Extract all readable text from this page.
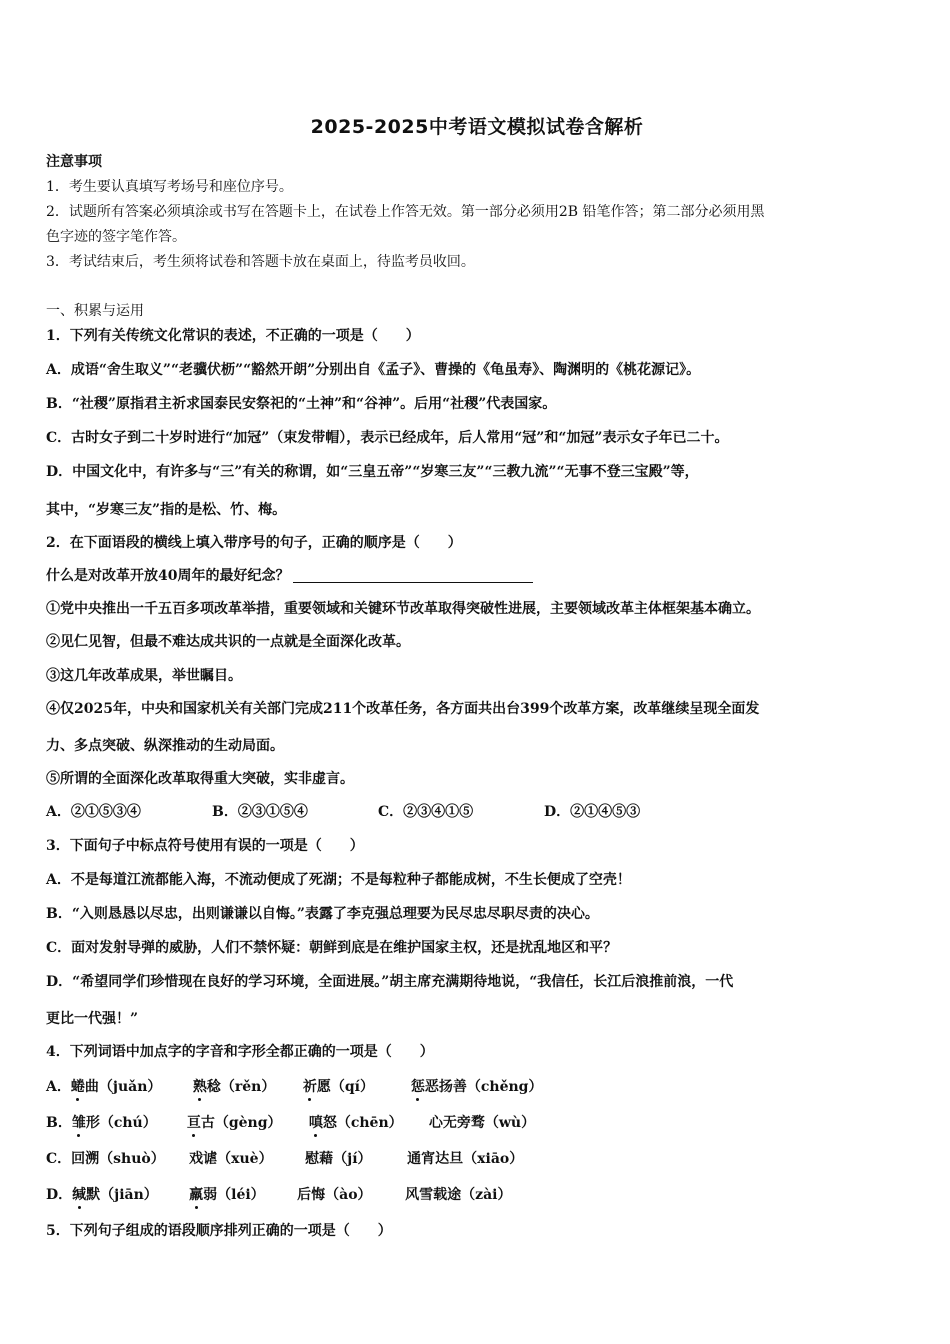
2025-2025中考语文模拟试卷含解析
注意事项
1．考生要认真填写考场号和座位序号。
2．试题所有答案必须填涂或书写在答题卡上，在试卷上作答无效。第一部分必须用2B 铅笔作答；第二部分必须用黑
色字迹的签字笔作答。
3．考试结束后，考生须将试卷和答题卡放在桌面上，待监考员收回。
一、积累与运用
1．下列有关传统文化常识的表述，不正确的一项是（　　）
A．成语“舍生取义”“老骥伏枥”“豁然开朗”分别出自《孟子》、曹操的《龟虽寿》、陶渊明的《桃花源记》。
B．“社稷”原指君主祈求国泰民安祭祀的“土神”和“谷神”。后用“社稷”代表国家。
C．古时女子到二十岁时进行“加冠”（束发带帽），表示已经成年，后人常用“冠”和“加冠”表示女子年已二十。
D．中国文化中，有许多与“三”有关的称谓，如“三皇五帝”“岁寒三友”“三教九流”“无事不登三宝殿”等，
其中，“岁寒三友”指的是松、竹、梅。
2．在下面语段的横线上填入带序号的句子，正确的顺序是（　　）
什么是对改革开放40周年的最好纪念？
①党中央推出一千五百多项改革举措，重要领域和关键环节改革取得突破性进展，主要领域改革主体框架基本确立。
②见仁见智，但最不难达成共识的一点就是全面深化改革。
③这几年改革成果，举世瞩目。
④仅2025年，中央和国家机关有关部门完成211个改革任务，各方面共出台399个改革方案，改革继续呈现全面发
力、多点突破、纵深推动的生动局面。
⑤所谓的全面深化改革取得重大突破，实非虚言。
A．②①⑤③④	B．②③①⑤④	C．②③④①⑤	D．②①④⑤③
3．下面句子中标点符号使用有误的一项是（　　）
A．不是每道江流都能入海，不流动便成了死湖；不是每粒种子都能成树，不生长便成了空壳！
B．“入则恳恳以尽忠，出则谦谦以自悔。”表露了李克强总理要为民尽忠尽职尽责的决心。
C．面对发射导弹的威胁，人们不禁怀疑：朝鲜到底是在维护国家主权，还是扰乱地区和平？
D．“希望同学们珍惜现在良好的学习环境，全面进展。”胡主席充满期待地说，“我信任，长江后浪推前浪，一代
更比一代强！”
4．下列词语中加点字的字音和字形全都正确的一项是（　　）
A．蜷曲（juǎn） 熟稔（rěn） 祈愿（qí）	惩恶扬善（chěng）
B．雏形（chú） 亘古（gèng） 嗔怒（chēn） 心无旁骛（wù）
C．回溯（shuò） 戏谑（xuè） 慰藉（jí）	通宵达旦（xiāo）
D．缄默（jiān） 羸弱（léi） 后悔（ào） 风雪载途（zài）
5．下列句子组成的语段顺序排列正确的一项是（　　）
